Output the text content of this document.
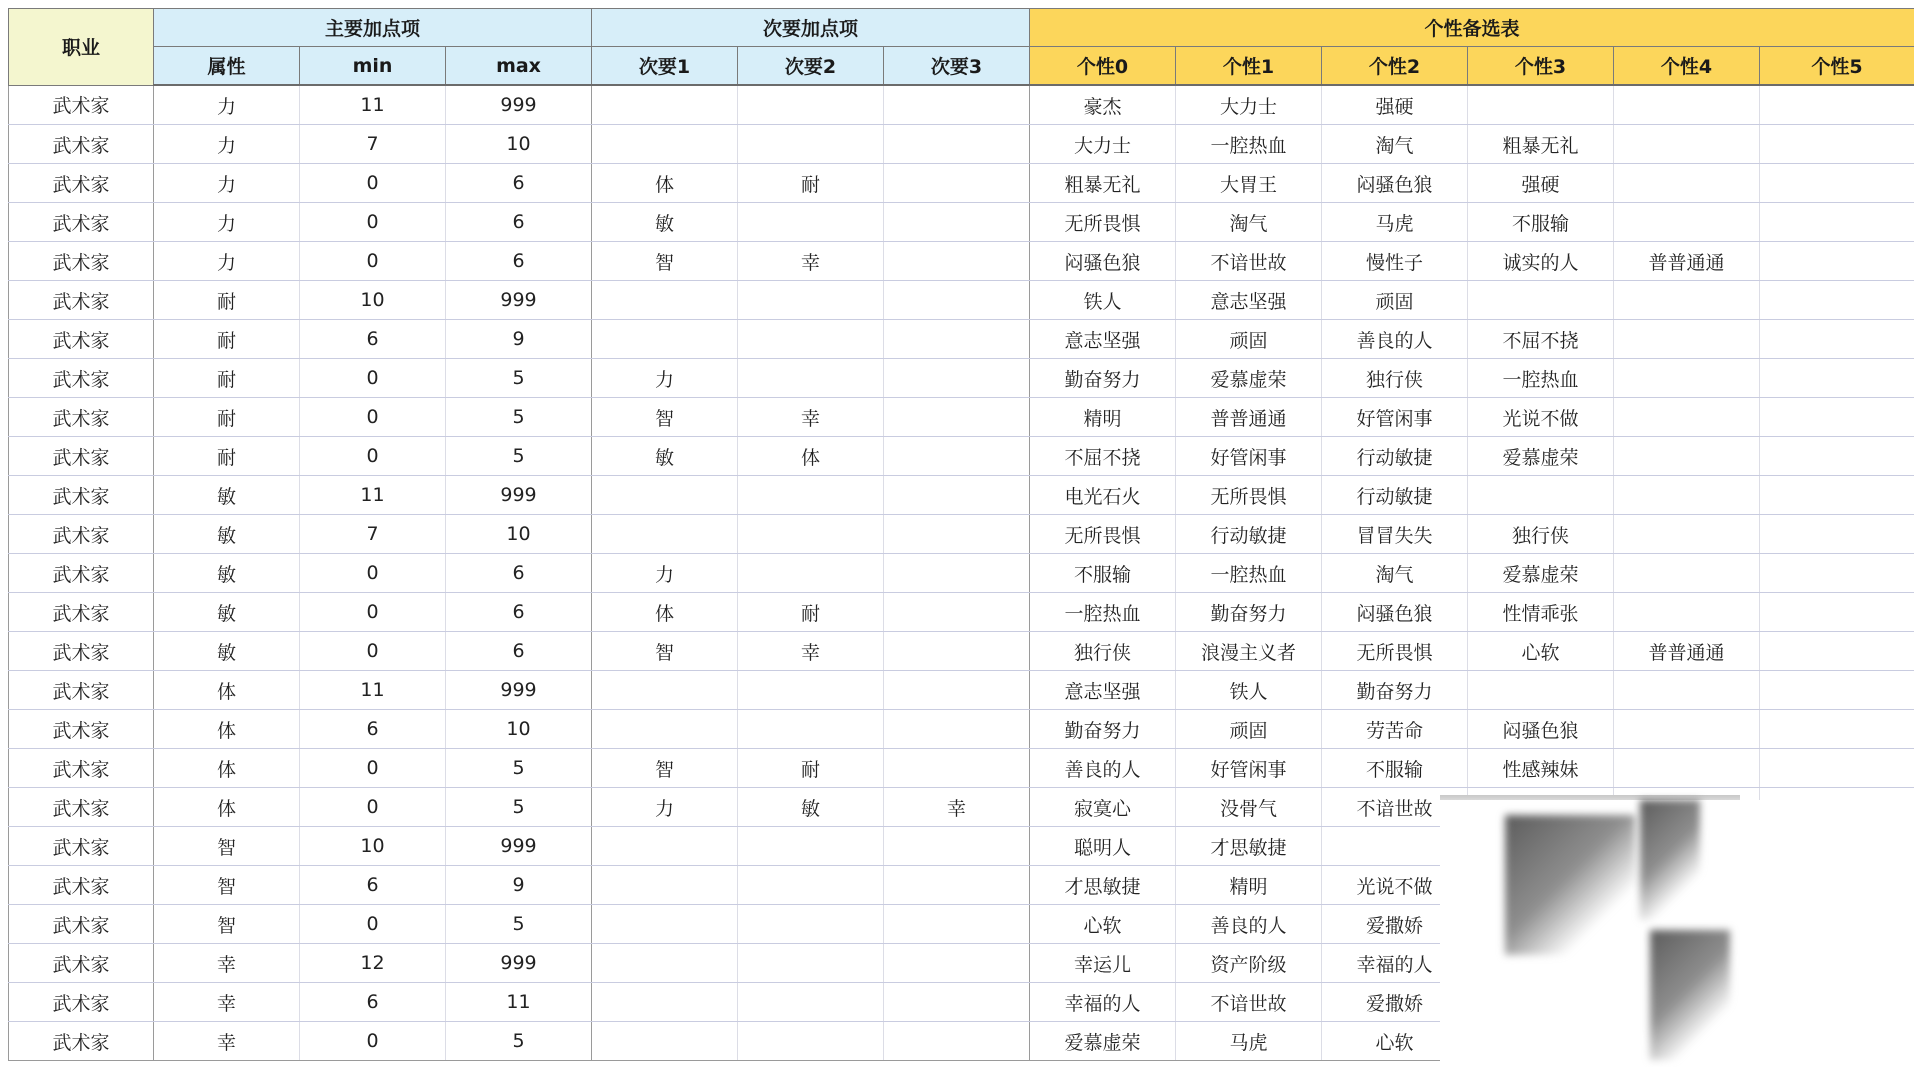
职业	主要加点项			次要加点项			个性备选表					
	属性	min	max	次要1	次要2	次要3	个性0	个性1	个性2	个性3	个性4	个性5
武术家	力	11	999				豪杰	大力士	强硬			
武术家	力	7	10				大力士	一腔热血	淘气	粗暴无礼		
武术家	力	0	6	体	耐		粗暴无礼	大胃王	闷骚色狼	强硬		
武术家	力	0	6	敏			无所畏惧	淘气	马虎	不服输		
武术家	力	0	6	智	幸		闷骚色狼	不谙世故	慢性子	诚实的人	普普通通	
武术家	耐	10	999				铁人	意志坚强	顽固			
武术家	耐	6	9				意志坚强	顽固	善良的人	不屈不挠		
武术家	耐	0	5	力			勤奋努力	爱慕虚荣	独行侠	一腔热血		
武术家	耐	0	5	智	幸		精明	普普通通	好管闲事	光说不做		
武术家	耐	0	5	敏	体		不屈不挠	好管闲事	行动敏捷	爱慕虚荣		
武术家	敏	11	999				电光石火	无所畏惧	行动敏捷			
武术家	敏	7	10				无所畏惧	行动敏捷	冒冒失失	独行侠		
武术家	敏	0	6	力			不服输	一腔热血	淘气	爱慕虚荣		
武术家	敏	0	6	体	耐		一腔热血	勤奋努力	闷骚色狼	性情乖张		
武术家	敏	0	6	智	幸		独行侠	浪漫主义者	无所畏惧	心软	普普通通	
武术家	体	11	999				意志坚强	铁人	勤奋努力			
武术家	体	6	10				勤奋努力	顽固	劳苦命	闷骚色狼		
武术家	体	0	5	智	耐		善良的人	好管闲事	不服输	性感辣妹		
武术家	体	0	5	力	敏	幸	寂寞心	没骨气	不谙世故			
武术家	智	10	999				聪明人	才思敏捷				
武术家	智	6	9				才思敏捷	精明	光说不做			
武术家	智	0	5				心软	善良的人	爱撒娇			
武术家	幸	12	999				幸运儿	资产阶级	幸福的人			
武术家	幸	6	11				幸福的人	不谙世故	爱撒娇			
武术家	幸	0	5				爱慕虚荣	马虎	心软			
